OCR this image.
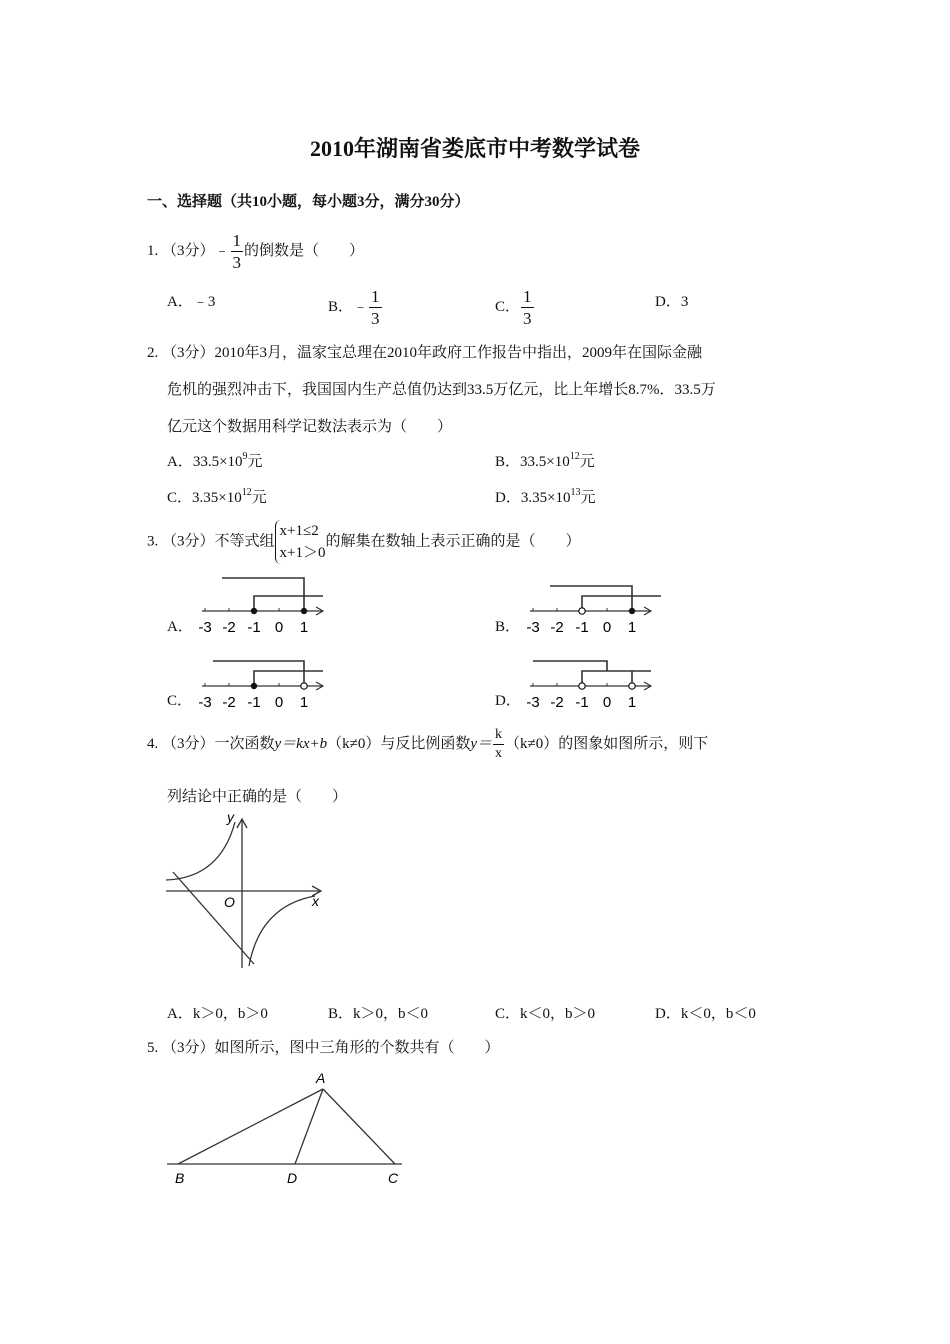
2010年湖南省娄底市中考数学试卷
一、选择题（共10小题，每小题3分，满分30分）
1. （3分）﹣ $\frac{1}{3}$ 的倒数是（　　）
A．﹣3	B．﹣ $\frac{1}{3}$	C． $\frac{1}{3}$	D．3
2. （3分）2010年3月，温家宝总理在2010年政府工作报告中指出，2009年在国际金融
危机的强烈冲击下，我国国内生产总值仍达到33.5万亿元，比上年增长8.7%．33.5万
亿元这个数据用科学记数法表示为（　　）
A．$33.5\times 10^9$元	B．$33.5\times 10^{12}$元
C．$3.35\times 10^{12}$元	D．$3.35\times 10^{13}$元
3. （3分）不等式组
x+1≤2
x+1＞0
的解集在数轴上表示正确的是（　　）
A． -3 -2 -1 0 1	B． -3 -2 -1 0 1
C． -3 -2 -1 0 1	D． -3 -2 -1 0 1
4. （3分）一次函数y＝kx+b（k≠0）与反比例函数$y= \frac{k}{x} (k\ne 0)$的图象如图所示，则下
列结论中正确的是（　　）
y
x
O
A．k＞0，b＞0	B．k＞0，b＜0	C．k＜0，b＞0	D．k＜0，b＜0
5. （3分）如图所示，图中三角形的个数共有（　　）
A
B	D	C
